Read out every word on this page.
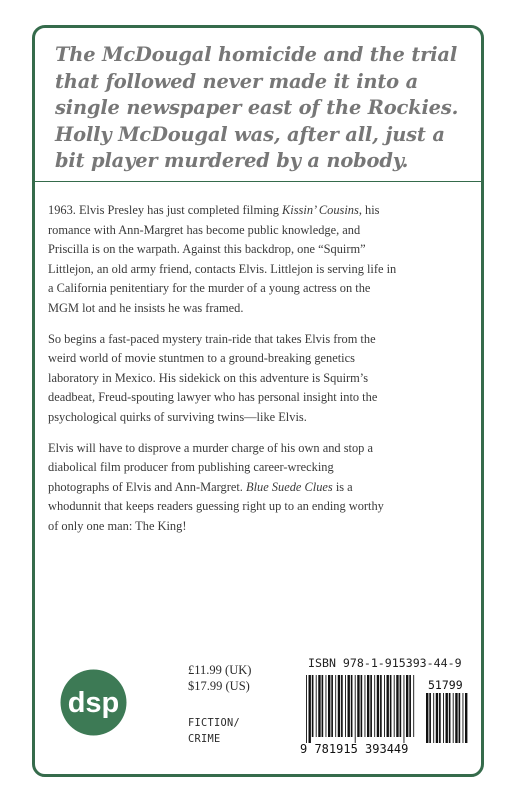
The McDougal homicide and the trial
that followed never made it into a
single newspaper east of the Rockies.
Holly McDougal was, after all, just a
bit player murdered by a nobody.

1963. Elvis Presley has just completed filming Kissin’ Cousins, his
romance with Ann-Margret has become public knowledge, and
Priscilla is on the warpath. Against this backdrop, one “Squirm”
Littlejon, an old army friend, contacts Elvis. Littlejon is serving life in
a California penitentiary for the murder of a young actress on the
MGM lot and he insists he was framed.

So begins a fast-paced mystery train-ride that takes Elvis from the
weird world of movie stuntmen to a ground-breaking genetics
laboratory in Mexico. His sidekick on this adventure is Squirm’s
deadbeat, Freud-spouting lawyer who has personal insight into the
psychological quirks of surviving twins—like Elvis.

Elvis will have to disprove a murder charge of his own and stop a
diabolical film producer from publishing career-wrecking
photographs of Elvis and Ann-Margret. Blue Suede Clues is a
whodunnit that keeps readers guessing right up to an ending worthy
of only one man: The King!

dsp
£11.99 (UK)
$17.99 (US)
FICTION/
CRIME
ISBN 978-1-915393-44-9
9 781915 393449
51799
